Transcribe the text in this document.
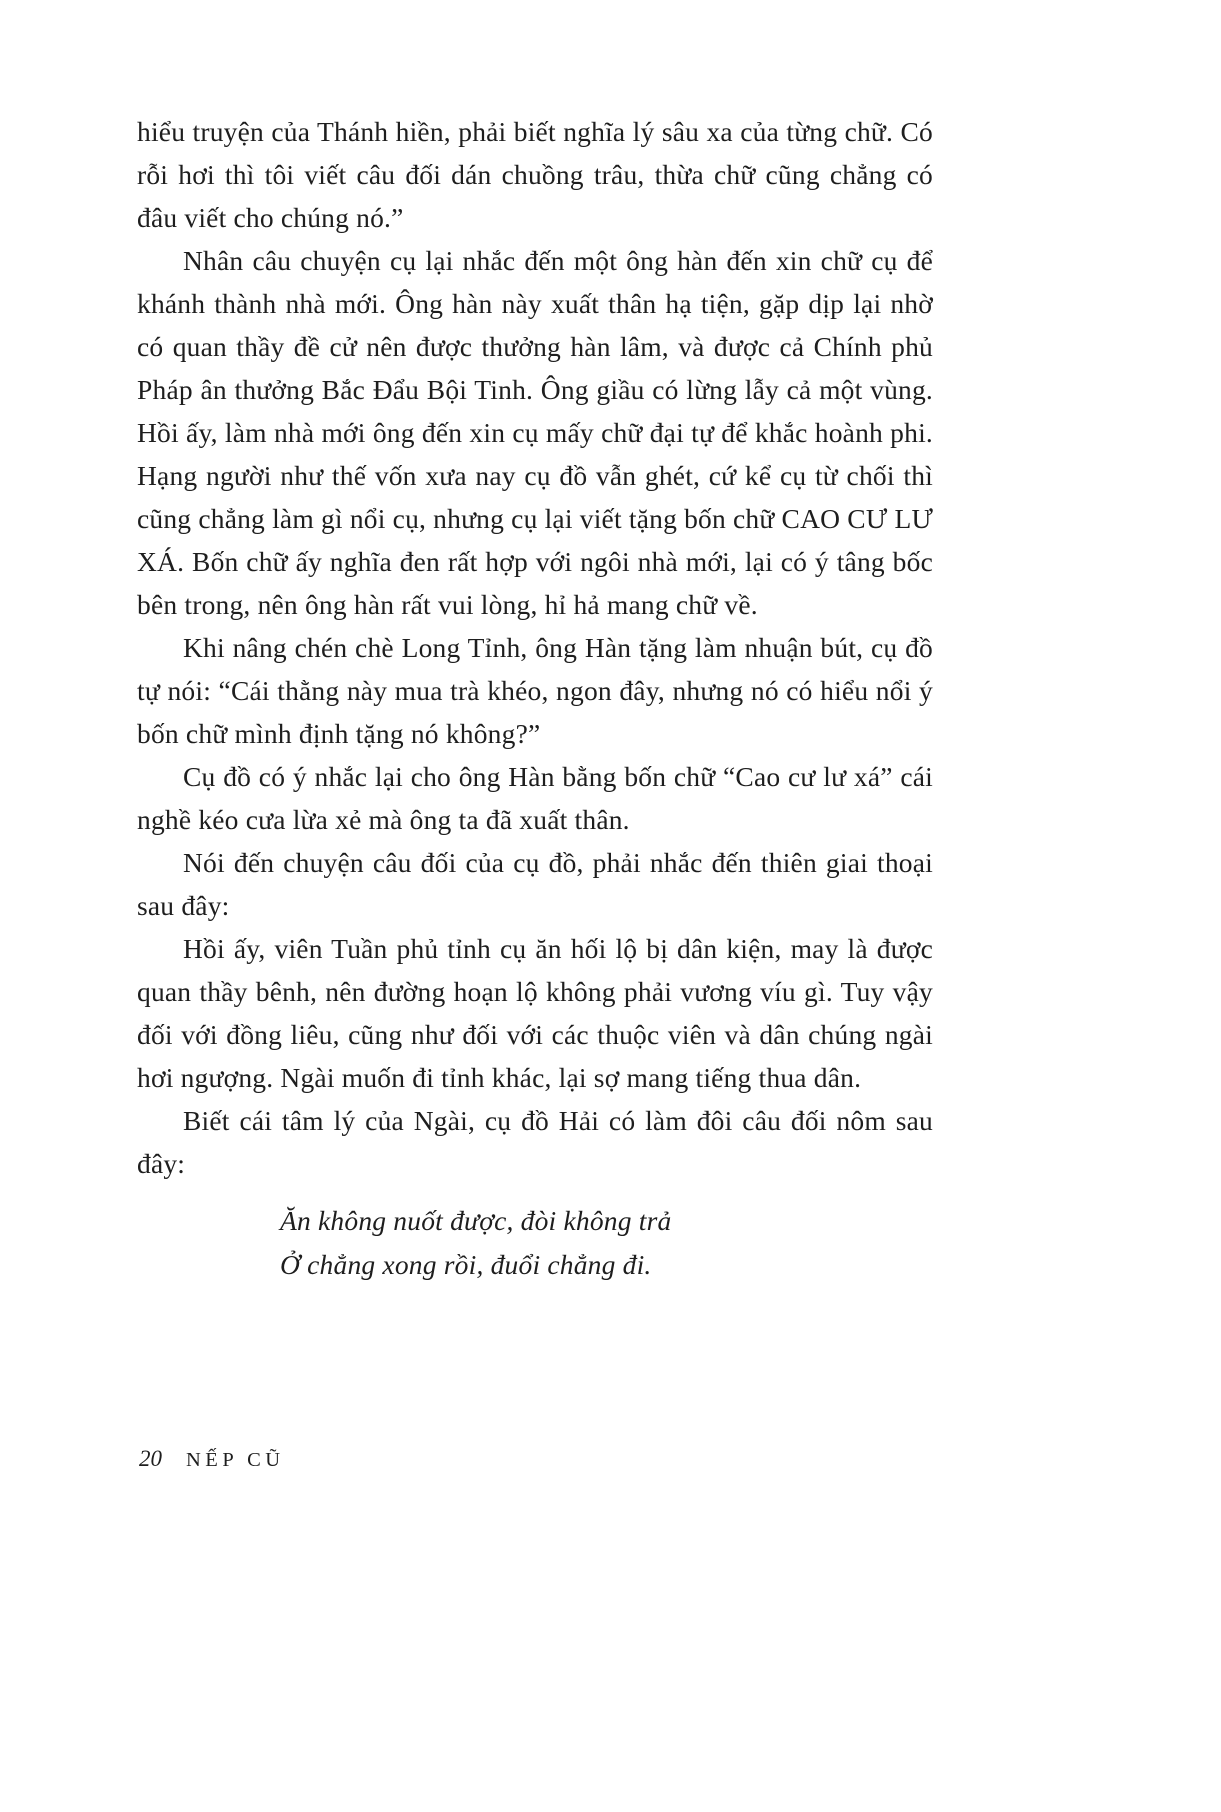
hiểu truyện của Thánh hiền, phải biết nghĩa lý sâu xa của từng chữ. Có rỗi hơi thì tôi viết câu đối dán chuồng trâu, thừa chữ cũng chẳng có đâu viết cho chúng nó.”

Nhân câu chuyện cụ lại nhắc đến một ông hàn đến xin chữ cụ để khánh thành nhà mới. Ông hàn này xuất thân hạ tiện, gặp dịp lại nhờ có quan thầy đề cử nên được thưởng hàn lâm, và được cả Chính phủ Pháp ân thưởng Bắc Đẩu Bội Tinh. Ông giầu có lừng lẫy cả một vùng. Hồi ấy, làm nhà mới ông đến xin cụ mấy chữ đại tự để khắc hoành phi. Hạng người như thế vốn xưa nay cụ đồ vẫn ghét, cứ kể cụ từ chối thì cũng chẳng làm gì nổi cụ, nhưng cụ lại viết tặng bốn chữ CAO CƯ LƯ XÁ. Bốn chữ ấy nghĩa đen rất hợp với ngôi nhà mới, lại có ý tâng bốc bên trong, nên ông hàn rất vui lòng, hỉ hả mang chữ về.

Khi nâng chén chè Long Tỉnh, ông Hàn tặng làm nhuận bút, cụ đồ tự nói: “Cái thằng này mua trà khéo, ngon đây, nhưng nó có hiểu nổi ý bốn chữ mình định tặng nó không?”

Cụ đồ có ý nhắc lại cho ông Hàn bằng bốn chữ “Cao cư lư xá” cái nghề kéo cưa lừa xẻ mà ông ta đã xuất thân.

Nói đến chuyện câu đối của cụ đồ, phải nhắc đến thiên giai thoại sau đây:

Hồi ấy, viên Tuần phủ tỉnh cụ ăn hối lộ bị dân kiện, may là được quan thầy bênh, nên đường hoạn lộ không phải vương víu gì. Tuy vậy đối với đồng liêu, cũng như đối với các thuộc viên và dân chúng ngài hơi ngượng. Ngài muốn đi tỉnh khác, lại sợ mang tiếng thua dân.

Biết cái tâm lý của Ngài, cụ đồ Hải có làm đôi câu đối nôm sau đây:

Ăn không nuốt được, đòi không trả

Ở chẳng xong rồi, đuổi chẳng đi.

20 NẾP CŨ
